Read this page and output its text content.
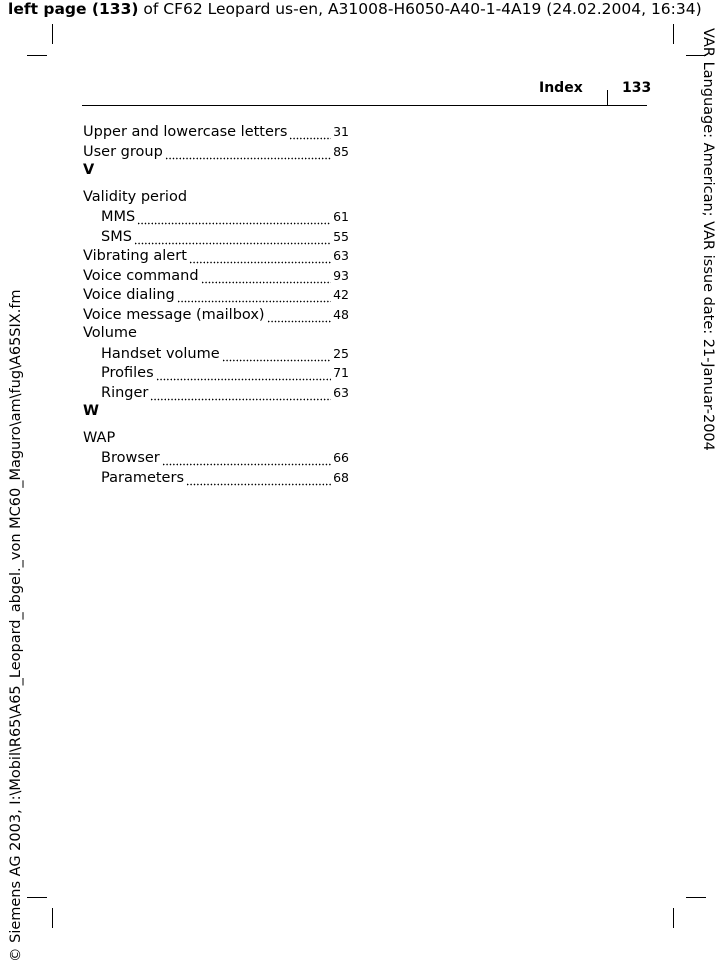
left page (133) of CF62 Leopard us-en, A31008-H6050-A40-1-4A19 (24.02.2004, 16:34)
© Siemens AG 2003, I:\Mobil\R65\A65_Leopard_abgel._von MC60_Maguro\am\fug\A65SIX.fm
VAR Language: American; VAR issue date: 21-Januar-2004
Index	133
Upper and lowercase letters	31
User group	85
V
Validity period
MMS	61
SMS	55
Vibrating alert	63
Voice command	93
Voice dialing	42
Voice message (mailbox)	48
Volume
Handset volume	25
Profiles	71
Ringer	63
W
WAP
Browser	66
Parameters	68
